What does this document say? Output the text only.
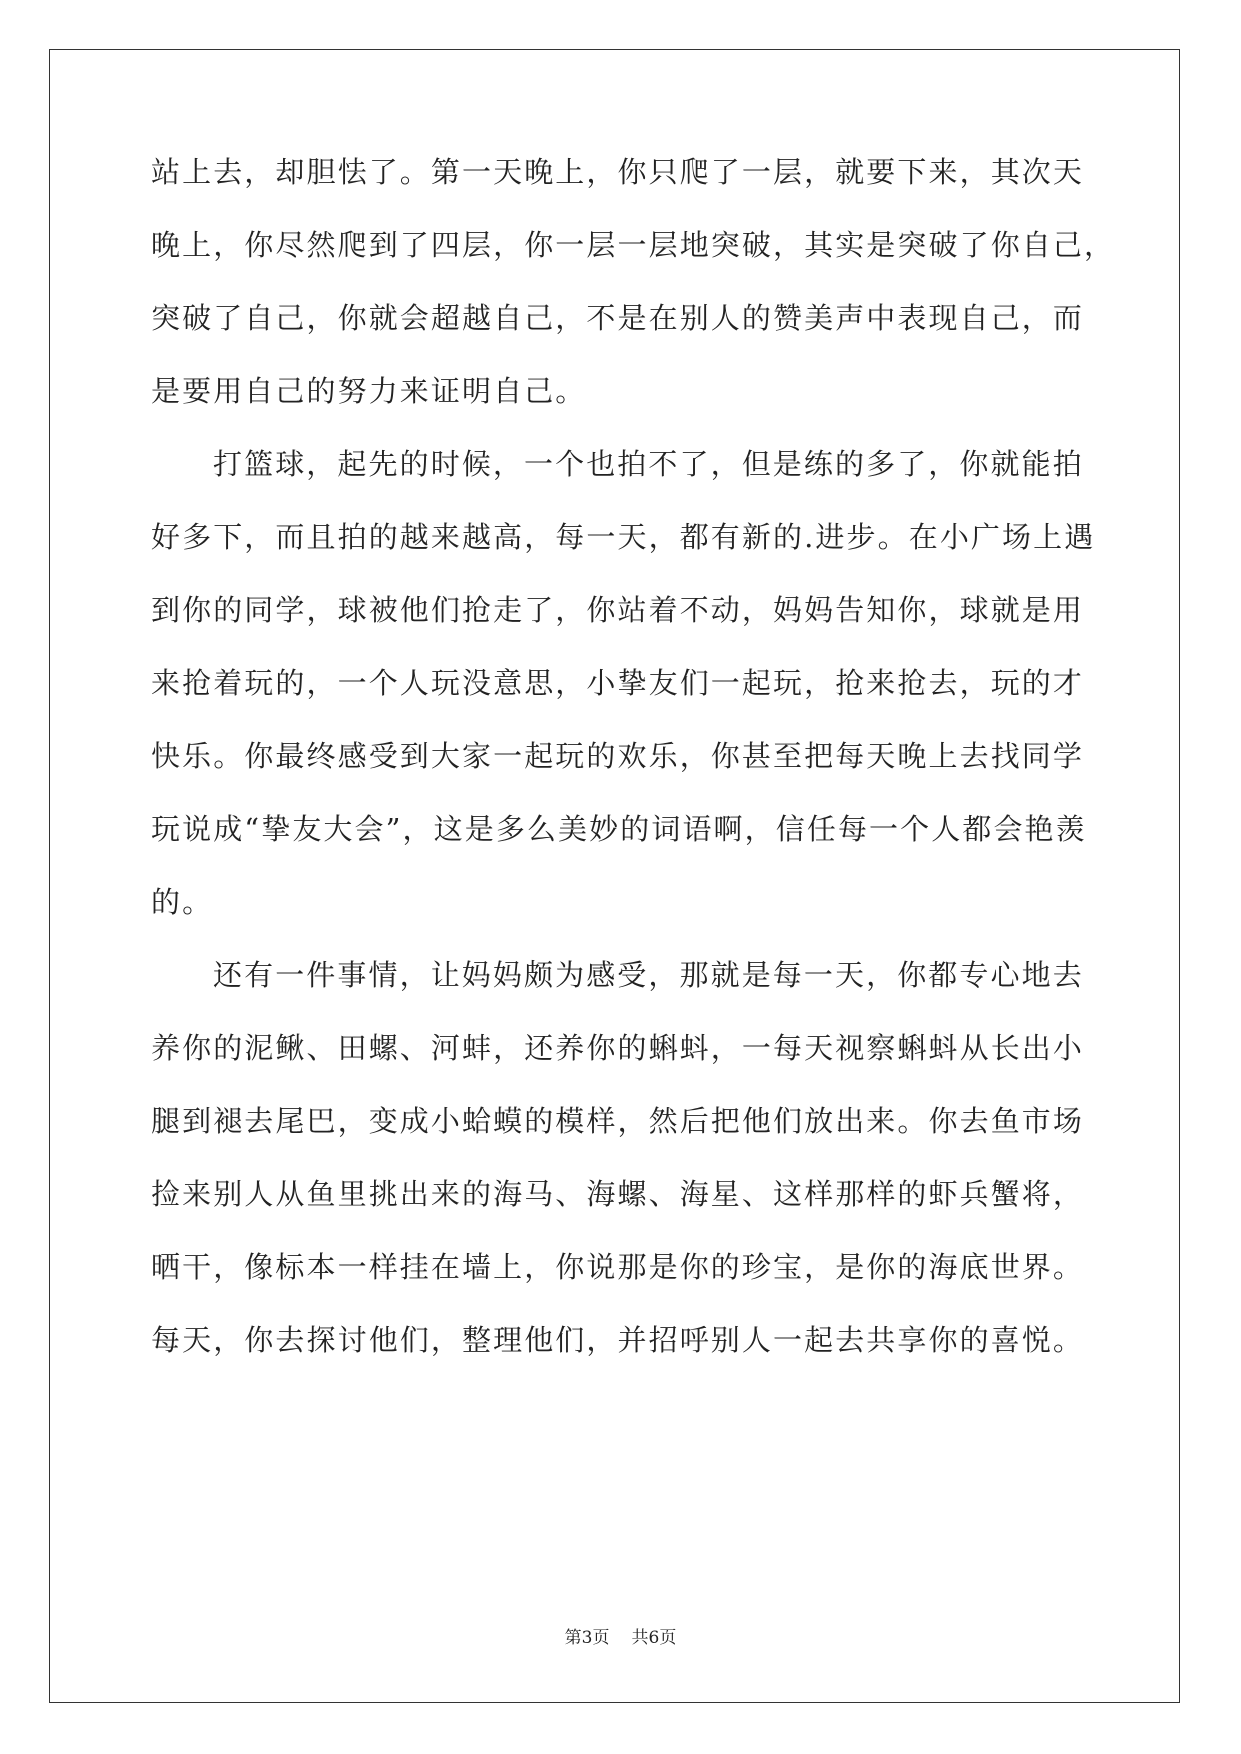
站上去，却胆怯了。第一天晚上，你只爬了一层，就要下来，其次天
晚上，你尽然爬到了四层，你一层一层地突破，其实是突破了你自己，
突破了自己，你就会超越自己，不是在别人的赞美声中表现自己，而
是要用自己的努力来证明自己。
打篮球，起先的时候，一个也拍不了，但是练的多了，你就能拍
好多下，而且拍的越来越高，每一天，都有新的.进步。在小广场上遇
到你的同学，球被他们抢走了，你站着不动，妈妈告知你，球就是用
来抢着玩的，一个人玩没意思，小挚友们一起玩，抢来抢去，玩的才
快乐。你最终感受到大家一起玩的欢乐，你甚至把每天晚上去找同学
玩说成“挚友大会”，这是多么美妙的词语啊，信任每一个人都会艳羡
的。
还有一件事情，让妈妈颇为感受，那就是每一天，你都专心地去
养你的泥鳅、田螺、河蚌，还养你的蝌蚪，一每天视察蝌蚪从长出小
腿到褪去尾巴，变成小蛤蟆的模样，然后把他们放出来。你去鱼市场
捡来别人从鱼里挑出来的海马、海螺、海星、这样那样的虾兵蟹将，
晒干，像标本一样挂在墙上，你说那是你的珍宝，是你的海底世界。
每天，你去探讨他们，整理他们，并招呼别人一起去共享你的喜悦。
第3页 共6页
